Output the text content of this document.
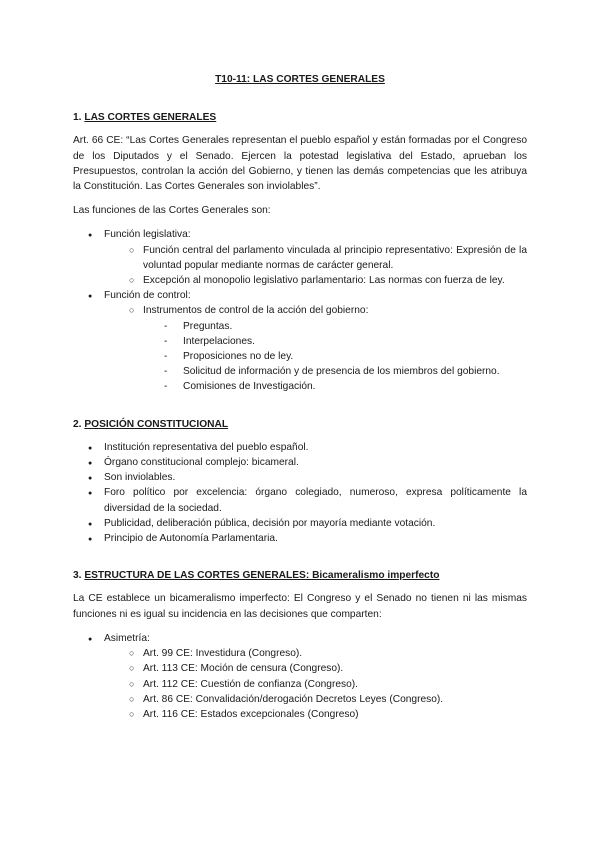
T10-11: LAS CORTES GENERALES

1. LAS CORTES GENERALES

Art. 66 CE: “Las Cortes Generales representan el pueblo español y están formadas por el Congreso de los Diputados y el Senado. Ejercen la potestad legislativa del Estado, aprueban los Presupuestos, controlan la acción del Gobierno, y tienen las demás competencias que les atribuya la Constitución. Las Cortes Generales son inviolables”.

Las funciones de las Cortes Generales son:

●
Función legislativa:
○ Función central del parlamento vinculada al principio representativo: Expresión de la voluntad popular mediante normas de carácter general.
○ Excepción al monopolio legislativo parlamentario: Las normas con fuerza de ley.
●
Función de control:
○ Instrumentos de control de la acción del gobierno:
- Preguntas.
- Interpelaciones.
- Proposiciones no de ley.
- Solicitud de información y de presencia de los miembros del gobierno.
- Comisiones de Investigación.

2. POSICIÓN CONSTITUCIONAL

●
Institución representativa del pueblo español.
●
Órgano constitucional complejo: bicameral.
●
Son inviolables.
●
Foro político por excelencia: órgano colegiado, numeroso, expresa políticamente la diversidad de la sociedad.
●
Publicidad, deliberación pública, decisión por mayoría mediante votación.
●
Principio de Autonomía Parlamentaria.

3. ESTRUCTURA DE LAS CORTES GENERALES: Bicameralismo imperfecto

La CE establece un bicameralismo imperfecto: El Congreso y el Senado no tienen ni las mismas funciones ni es igual su incidencia en las decisiones que comparten:

●
Asimetría:
○ Art. 99 CE: Investidura (Congreso).
○ Art. 113 CE: Moción de censura (Congreso).
○ Art. 112 CE: Cuestión de confianza (Congreso).
○ Art. 86 CE: Convalidación/derogación Decretos Leyes (Congreso).
○ Art. 116 CE: Estados excepcionales (Congreso)
